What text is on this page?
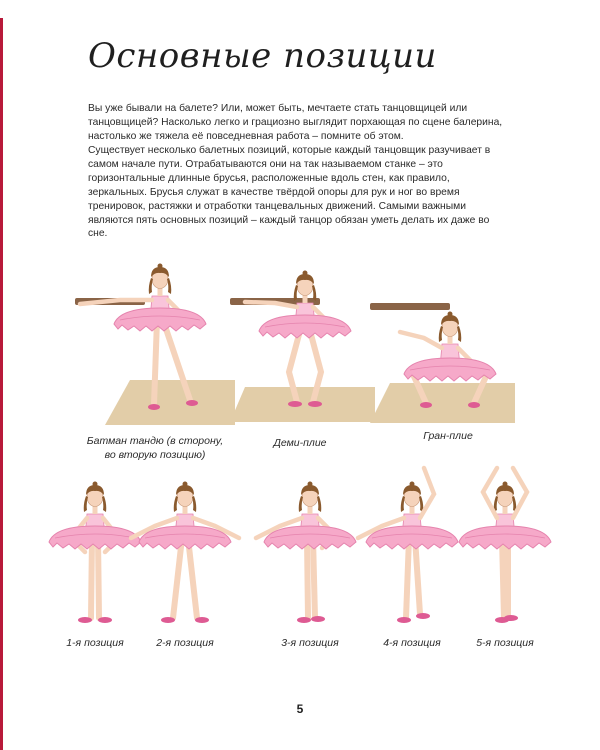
Основные позиции

Вы уже бывали на балете? Или, может быть, мечтаете стать танцовщицей или танцовщицей? Насколько легко и грациозно выглядит порхающая по сцене балерина, настолько же тяжела её повседневная работа – помните об этом.

Существует несколько балетных позиций, которые каждый танцовщик разучивает в самом начале пути. Отрабатываются они на так называемом станке – это горизонтальные длинные брусья, расположенные вдоль стен, как правило, зеркальных. Брусья служат в качестве твёрдой опоры для рук и ног во время тренировок, растяжки и отработки танцевальных движений. Самыми важными являются пять основных позиций – каждый танцор обязан уметь делать их даже во сне.

Батман тандю (в сторону,
во вторую позицию)
Деми-плие
Гран-плие
1-я позиция	2-я позиция	3-я позиция	4-я позиция	5-я позиция
5
